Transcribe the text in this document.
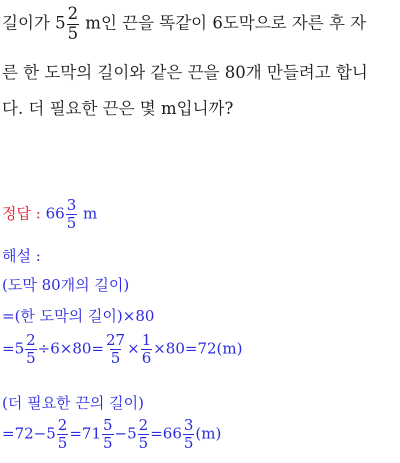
길이가 $5 \frac{2}{5}$ m인 끈을 똑같이 6도막으로 자른 후 자
른 한 도막의 길이와 같은 끈을 80개 만들려고 합니
다. 더 필요한 끈은 몇 m입니까?
정답 : $66 \frac{3}{5}$ m
해설 :
(도막 80개의 길이)
=(한 도막의 길이)×80
$=5 \frac{2}{5} \div 6\times 80= \frac{27}{5} \times \frac{1}{6} \times 80=72(m)$
(더 필요한 끈의 길이)
$=72-5 \frac{2}{5} =71 \frac{5}{5} -5 \frac{2}{5} =66 \frac{3}{5} (m)$
